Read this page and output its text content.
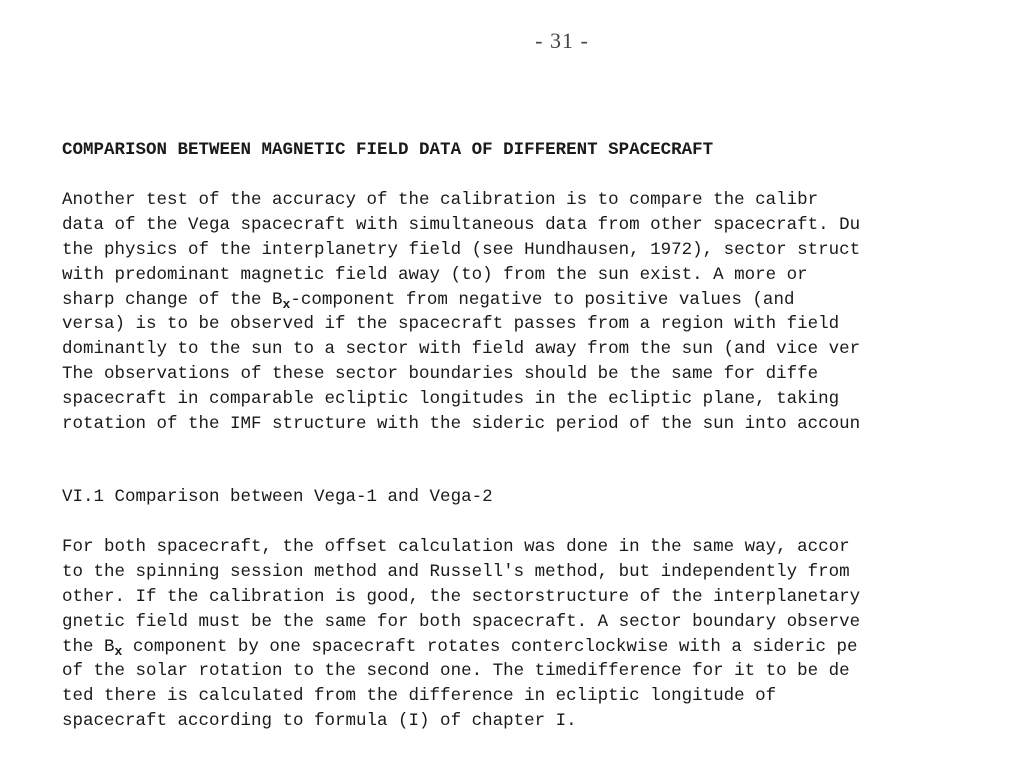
- 31 -
COMPARISON BETWEEN MAGNETIC FIELD DATA OF DIFFERENT SPACECRAFT
Another test of the accuracy of the calibration is to compare the calibr
data of the Vega spacecraft with simultaneous data from other spacecraft. Du
the physics of the interplanetry field (see Hundhausen, 1972), sector struct
with predominant magnetic field away (to) from the sun exist. A more or
sharp change of the $B_x$-component from negative to positive values (and
versa) is to be observed if the spacecraft passes from a region with field
dominantly to the sun to a sector with field away from the sun (and vice ver
The observations of these sector boundaries should be the same for diffe
spacecraft in comparable ecliptic longitudes in the ecliptic plane, taking
rotation of the IMF structure with the sideric period of the sun into accoun
VI.1 Comparison between Vega-1 and Vega-2
For both spacecraft, the offset calculation was done in the same way, accor
to the spinning session method and Russell's method, but independently from
other. If the calibration is good, the sectorstructure of the interplanetary
gnetic field must be the same for both spacecraft. A sector boundary observe
the $B_x$ component by one spacecraft rotates conterclockwise with a sideric pe
of the solar rotation to the second one. The timedifference for it to be de
ted there is calculated from the difference in ecliptic longitude of
spacecraft according to formula (I) of chapter I.
